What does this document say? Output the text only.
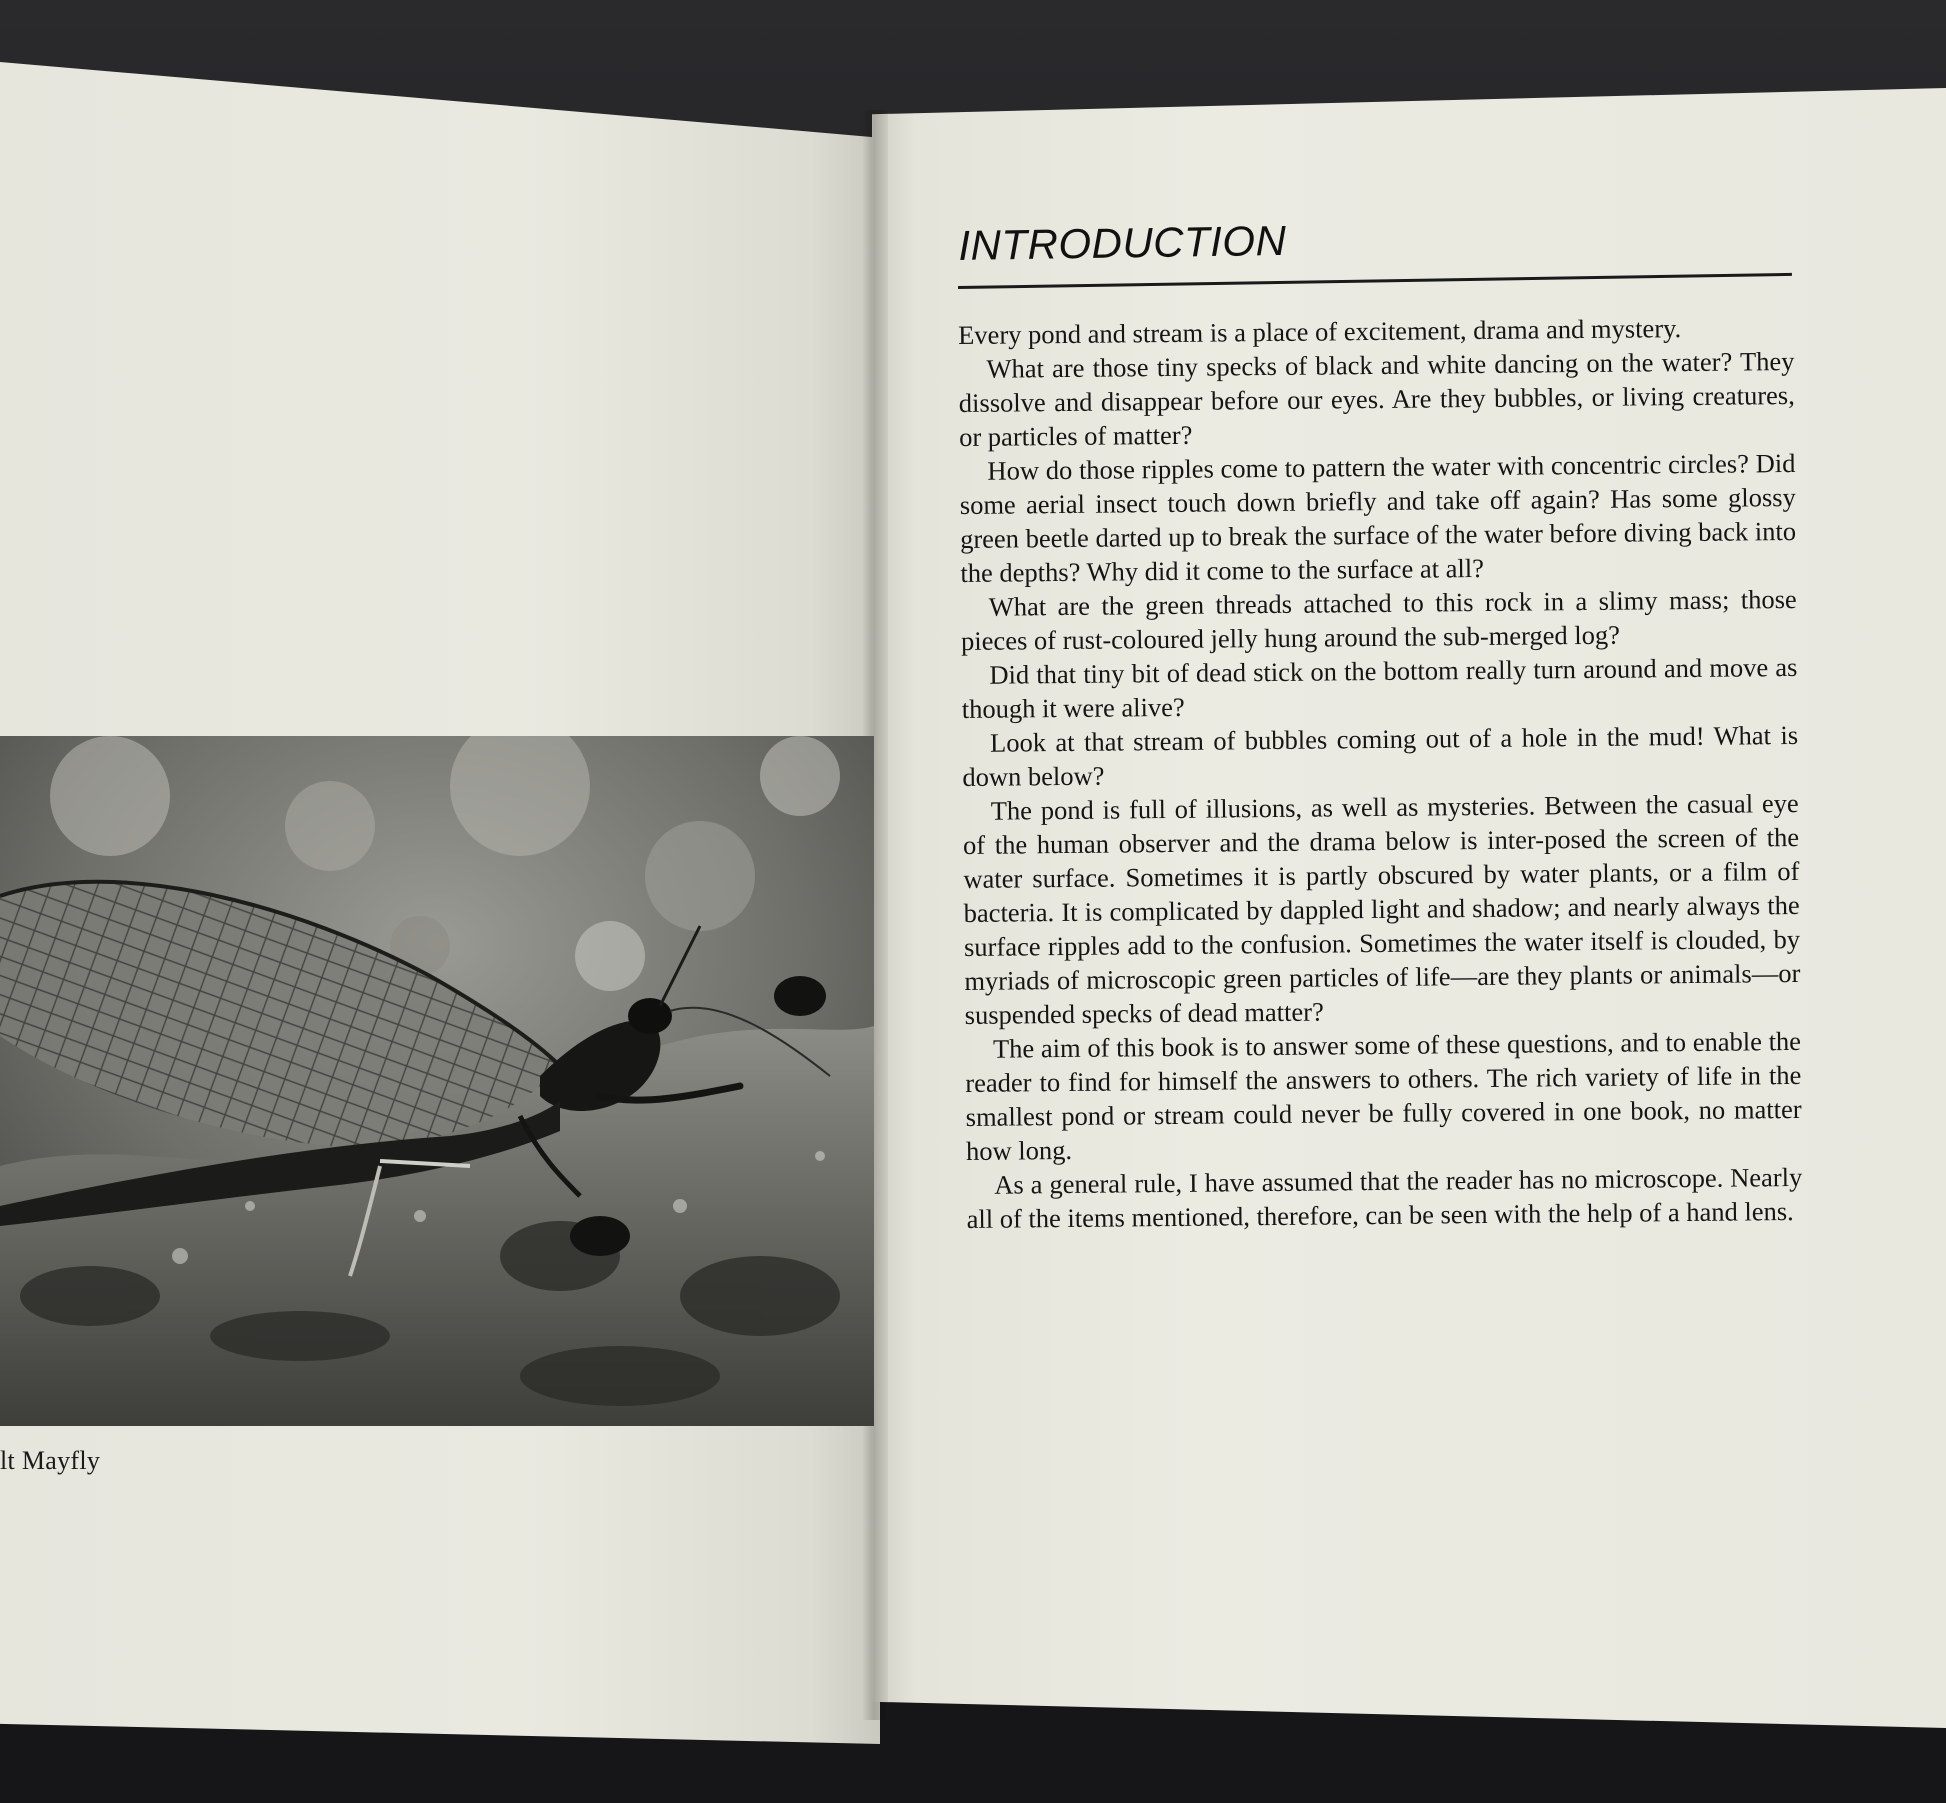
lt Mayfly
INTRODUCTION

Every pond and stream is a place of excitement, drama and mystery.

What are those tiny specks of black and white dancing on the water? They dissolve and disappear before our eyes. Are they bubbles, or living creatures, or particles of matter?

How do those ripples come to pattern the water with concentric circles? Did some aerial insect touch down briefly and take off again? Has some glossy green beetle darted up to break the surface of the water before diving back into the depths? Why did it come to the surface at all?

What are the green threads attached to this rock in a slimy mass; those pieces of rust-coloured jelly hung around the sub-merged log?

Did that tiny bit of dead stick on the bottom really turn around and move as though it were alive?

Look at that stream of bubbles coming out of a hole in the mud! What is down below?

The pond is full of illusions, as well as mysteries. Between the casual eye of the human observer and the drama below is inter-posed the screen of the water surface. Sometimes it is partly obscured by water plants, or a film of bacteria. It is complicated by dappled light and shadow; and nearly always the surface ripples add to the confusion. Sometimes the water itself is clouded, by myriads of microscopic green particles of life—are they plants or animals—or suspended specks of dead matter?

The aim of this book is to answer some of these questions, and to enable the reader to find for himself the answers to others. The rich variety of life in the smallest pond or stream could never be fully covered in one book, no matter how long.

As a general rule, I have assumed that the reader has no microscope. Nearly all of the items mentioned, therefore, can be seen with the help of a hand lens.
